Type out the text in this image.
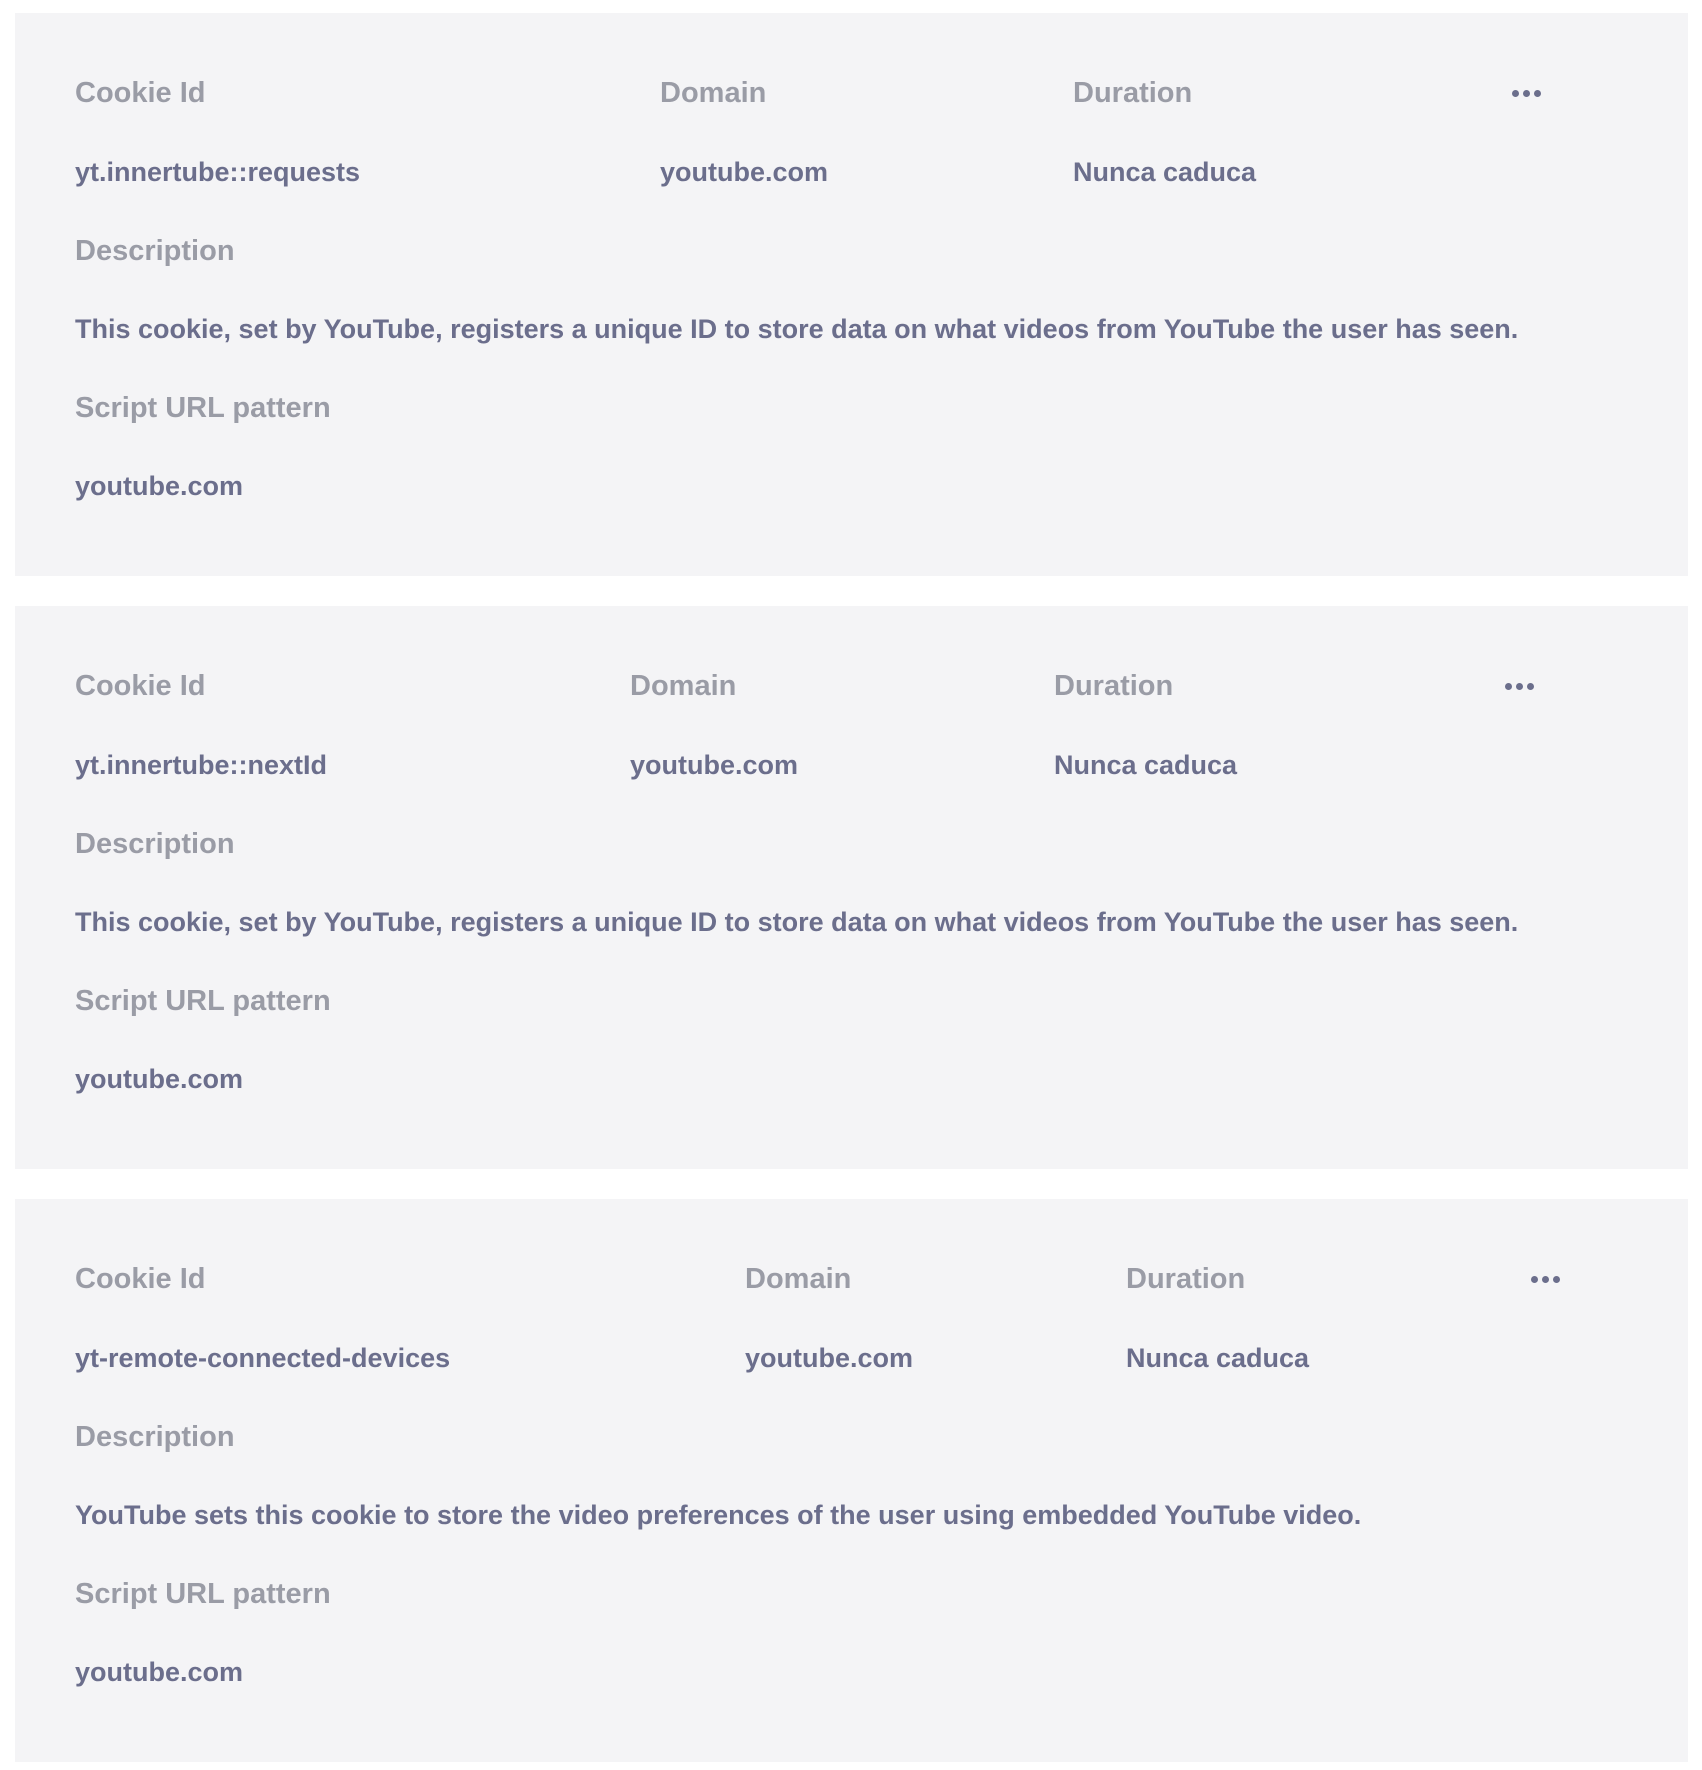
Cookie Id	Domain	Duration
yt.innertube::requests	youtube.com	Nunca caduca
Description
This cookie, set by YouTube, registers a unique ID to store data on what videos from YouTube the user has seen.
Script URL pattern
youtube.com
Cookie Id	Domain	Duration
yt.innertube::nextId	youtube.com	Nunca caduca
Description
This cookie, set by YouTube, registers a unique ID to store data on what videos from YouTube the user has seen.
Script URL pattern
youtube.com
Cookie Id	Domain	Duration
yt-remote-connected-devices	youtube.com	Nunca caduca
Description
YouTube sets this cookie to store the video preferences of the user using embedded YouTube video.
Script URL pattern
youtube.com
